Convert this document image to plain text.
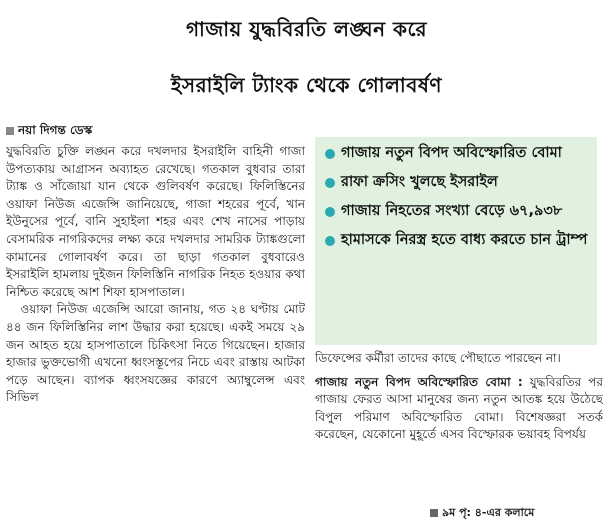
গাজায় যুদ্ধবিরতি লঙ্ঘন করে
ইসরাইলি ট্যাংক থেকে গোলাবর্ষণ
নয়া দিগন্ত ডেস্ক

যুদ্ধবিরতি চুক্তি লঙ্ঘন করে দখলদার ইসরাইলি বাহিনী গাজা উপত্যকায় আগ্রাসন অব্যাহত রেখেছে। গতকাল বুধবার তারা ট্যাঙ্ক ও সাঁজোয়া যান থেকে গুলিবর্ষণ করেছে। ফিলিস্তিনের ওয়াফা নিউজ এজেন্সি জানিয়েছে, গাজা শহরের পূর্বে, খান ইউনুসের পূর্বে, বানি সুহাইলা শহর এবং শেখ নাসের পাড়ায় বেসামরিক নাগরিকদের লক্ষ্য করে দখলদার সামরিক ট্যাঙ্কগুলো কামানের গোলাবর্ষণ করে। তা ছাড়া গতকাল বুধবারেও ইসরাইলি হামলায় দুইজন ফিলিস্তিনি নাগরিক নিহত হওয়ার কথা নিশ্চিত করেছে আশ শিফা হাসপাতাল।

ওয়াফা নিউজ এজেন্সি আরো জানায়, গত ২৪ ঘণ্টায় মোট ৪৪ জন ফিলিস্তিনির লাশ উদ্ধার করা হয়েছে। একই সময়ে ২৯ জন আহত হয়ে হাসপাতালে চিকিৎসা নিতে গিয়েছেন। হাজার হাজার ভুক্তভোগী এখনো ধ্বংসস্তূপের নিচে এবং রাস্তায় আটকা পড়ে আছেন। ব্যাপক ধ্বংসযজ্ঞের কারণে অ্যাম্বুলেন্স এবং সিভিল

গাজায় নতুন বিপদ অবিস্ফোরিত বোমা
রাফা ক্রসিং খুলছে ইসরাইল
গাজায় নিহতের সংখ্যা বেড়ে ৬৭,৯৩৮
হামাসকে নিরস্ত্র হতে বাধ্য করতে চান ট্রাম্প

ডিফেন্সের কর্মীরা তাদের কাছে পৌছাতে পারছেন না।

গাজায় নতুন বিপদ অবিস্ফোরিত বোমা : যুদ্ধবিরতির পর গাজায় ফেরত আসা মানুষের জন্য নতুন আতঙ্ক হয়ে উঠেছে বিপুল পরিমাণ অবিস্ফোরিত বোমা। বিশেষজ্ঞরা সতর্ক করেছেন, যেকোনো মুহূর্তে এসব বিস্ফোরক ভয়াবহ বিপর্যয়

৯ম পৃ: ৪-এর কলামে
